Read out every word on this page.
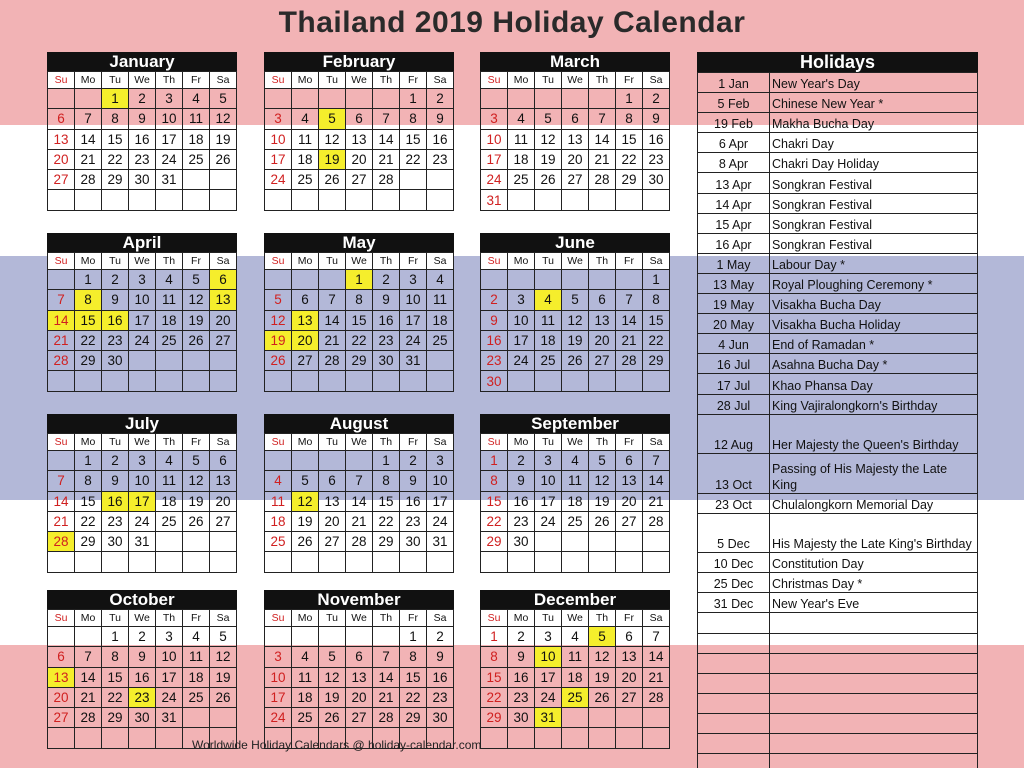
Thailand 2019 Holiday Calendar
January
Su	Mo	Tu	We	Th	Fr	Sa
		1	2	3	4	5
6	7	8	9	10	11	12
13	14	15	16	17	18	19
20	21	22	23	24	25	26
27	28	29	30	31		

February
Su	Mo	Tu	We	Th	Fr	Sa
					1	2
3	4	5	6	7	8	9
10	11	12	13	14	15	16
17	18	19	20	21	22	23
24	25	26	27	28		

March
Su	Mo	Tu	We	Th	Fr	Sa
					1	2
3	4	5	6	7	8	9
10	11	12	13	14	15	16
17	18	19	20	21	22	23
24	25	26	27	28	29	30
31						
April
Su	Mo	Tu	We	Th	Fr	Sa
	1	2	3	4	5	6
7	8	9	10	11	12	13
14	15	16	17	18	19	20
21	22	23	24	25	26	27
28	29	30				

May
Su	Mo	Tu	We	Th	Fr	Sa
			1	2	3	4
5	6	7	8	9	10	11
12	13	14	15	16	17	18
19	20	21	22	23	24	25
26	27	28	29	30	31	

June
Su	Mo	Tu	We	Th	Fr	Sa
						1
2	3	4	5	6	7	8
9	10	11	12	13	14	15
16	17	18	19	20	21	22
23	24	25	26	27	28	29
30						
July
Su	Mo	Tu	We	Th	Fr	Sa
	1	2	3	4	5	6
7	8	9	10	11	12	13
14	15	16	17	18	19	20
21	22	23	24	25	26	27
28	29	30	31			

August
Su	Mo	Tu	We	Th	Fr	Sa
				1	2	3
4	5	6	7	8	9	10
11	12	13	14	15	16	17
18	19	20	21	22	23	24
25	26	27	28	29	30	31

September
Su	Mo	Tu	We	Th	Fr	Sa
1	2	3	4	5	6	7
8	9	10	11	12	13	14
15	16	17	18	19	20	21
22	23	24	25	26	27	28
29	30					

October
Su	Mo	Tu	We	Th	Fr	Sa
		1	2	3	4	5
6	7	8	9	10	11	12
13	14	15	16	17	18	19
20	21	22	23	24	25	26
27	28	29	30	31		

November
Su	Mo	Tu	We	Th	Fr	Sa
					1	2
3	4	5	6	7	8	9
10	11	12	13	14	15	16
17	18	19	20	21	22	23
24	25	26	27	28	29	30

December
Su	Mo	Tu	We	Th	Fr	Sa
1	2	3	4	5	6	7
8	9	10	11	12	13	14
15	16	17	18	19	20	21
22	23	24	25	26	27	28
29	30	31				

Holidays
1 Jan	New Year's Day
5 Feb	Chinese New Year *
19 Feb	Makha Bucha Day
6 Apr	Chakri Day
8 Apr	Chakri Day Holiday
13 Apr	Songkran Festival
14 Apr	Songkran Festival
15 Apr	Songkran Festival
16 Apr	Songkran Festival
1 May	Labour Day *
13 May	Royal Ploughing Ceremony *
19 May	Visakha Bucha Day
20 May	Visakha Bucha Holiday
4 Jun	End of Ramadan *
16 Jul	Asahna Bucha Day *
17 Jul	Khao Phansa Day
28 Jul	King Vajiralongkorn's Birthday
12 Aug	Her Majesty the Queen's Birthday
13 Oct	Passing of His Majesty the Late King
23 Oct	Chulalongkorn Memorial Day
5 Dec	His Majesty the Late King's Birthday
10 Dec	Constitution Day
25 Dec	Christmas Day *
31 Dec	New Year's Eve

Worldwide Holiday Calendars @ holiday-calendar.com
